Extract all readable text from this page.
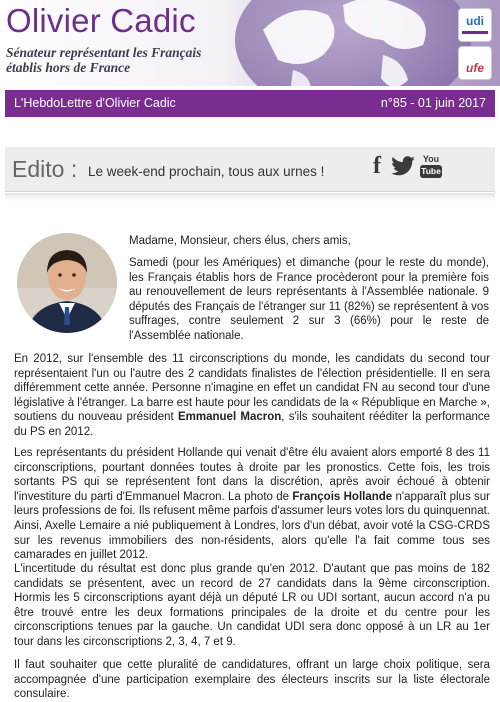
Olivier Cadic
Sénateur représentant les Français établis hors de France
udi
ufe
L'HebdoLettre d'Olivier Cadic	n°85 - 01 juin 2017
Edito : Le week-end prochain, tous aux urnes ! f	You
Tube

Madame, Monsieur, chers élus, chers amis,

Samedi (pour les Amériques) et dimanche (pour le reste du monde), les Français établis hors de France procèderont pour la première fois au renouvellement de leurs représentants à l'Assemblée nationale. 9 députés des Français de l'étranger sur 11 (82%) se représentent à vos suffrages, contre seulement 2 sur 3 (66%) pour le reste de l'Assemblée nationale.

En 2012, sur l'ensemble des 11 circonscriptions du monde, les candidats du second tour représentaient l'un ou l'autre des 2 candidats finalistes de l'élection présidentielle. Il en sera différemment cette année. Personne n'imagine en effet un candidat FN au second tour d'une législative à l'étranger. La barre est haute pour les candidats de la « République en Marche », soutiens du nouveau président Emmanuel Macron, s'ils souhaitent rééditer la performance du PS en 2012.

Les représentants du président Hollande qui venait d'être élu avaient alors emporté 8 des 11 circonscriptions, pourtant données toutes à droite par les pronostics. Cette fois, les trois sortants PS qui se représentent font dans la discrétion, après avoir échoué à obtenir l'investiture du parti d'Emmanuel Macron. La photo de François Hollande n'apparaît plus sur leurs professions de foi. Ils refusent même parfois d'assumer leurs votes lors du quinquennat. Ainsi, Axelle Lemaire a nié publiquement à Londres, lors d'un débat, avoir voté la CSG-CRDS sur les revenus immobiliers des non-résidents, alors qu'elle l'a fait comme tous ses camarades en juillet 2012.

L'incertitude du résultat est donc plus grande qu'en 2012. D'autant que pas moins de 182 candidats se présentent, avec un record de 27 candidats dans la 9ème circonscription. Hormis les 5 circonscriptions ayant déjà un député LR ou UDI sortant, aucun accord n'a pu être trouvé entre les deux formations principales de la droite et du centre pour les circonscriptions tenues par la gauche. Un candidat UDI sera donc opposé à un LR au 1er tour dans les circonscriptions 2, 3, 4, 7 et 9.

Il faut souhaiter que cette pluralité de candidatures, offrant un large choix politique, sera accompagnée d'une participation exemplaire des électeurs inscrits sur la liste électorale consulaire.
